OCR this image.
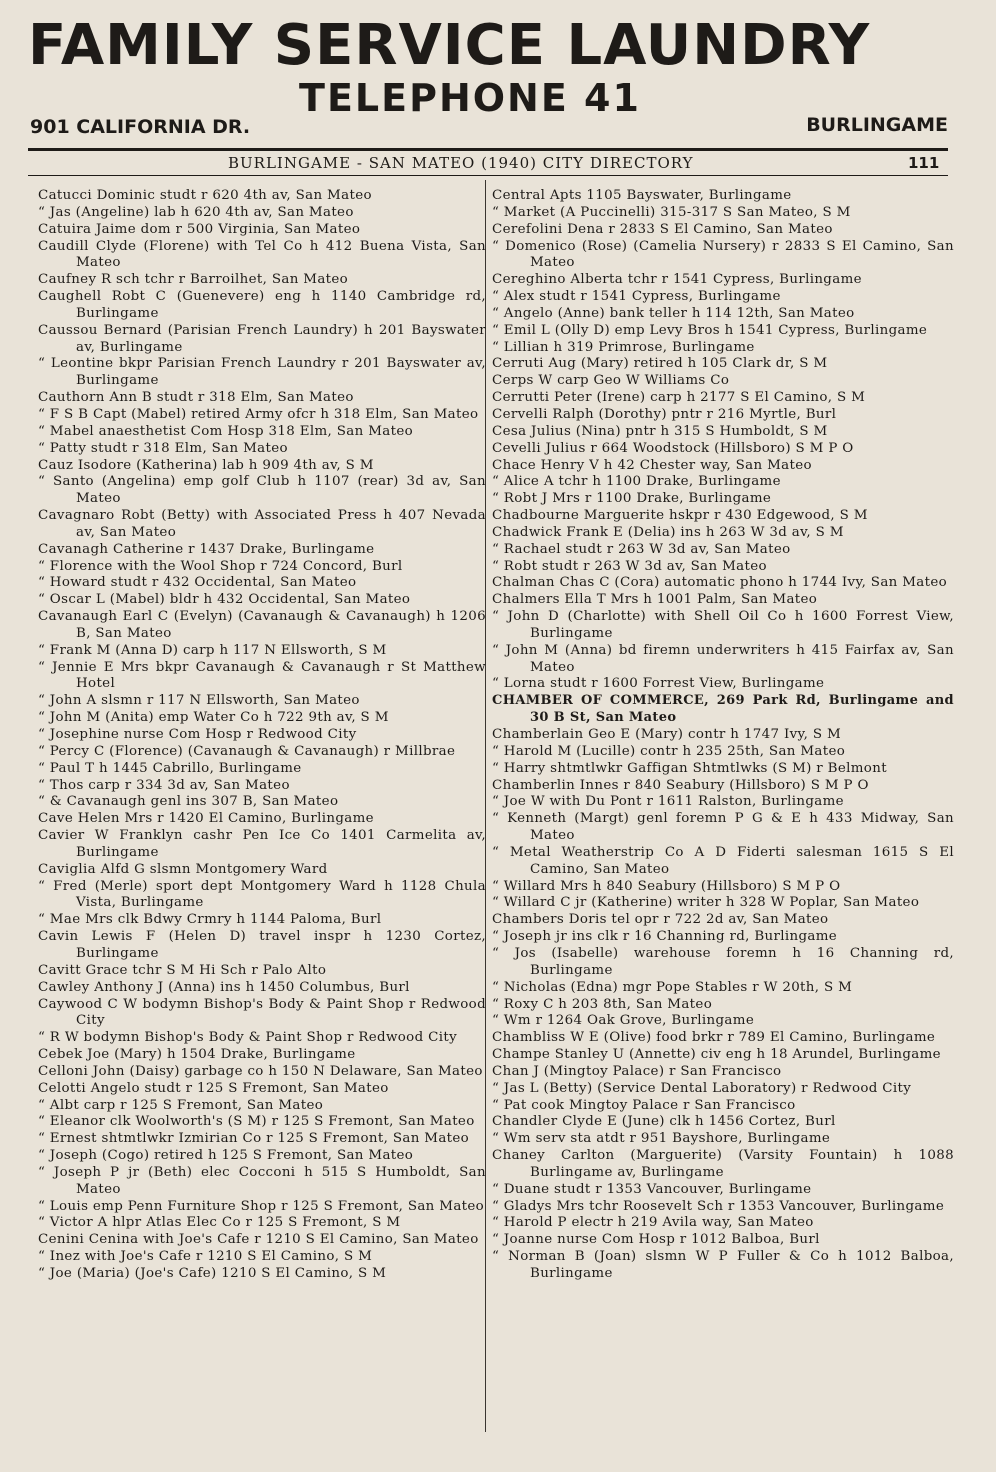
FAMILY SERVICE LAUNDRY
TELEPHONE 41
901 CALIFORNIA DR.	BURLINGAME
BURLINGAME - SAN MATEO (1940) CITY DIRECTORY	111
Catucci Dominic studt r 620 4th av, San Mateo
“ Jas (Angeline) lab h 620 4th av, San Mateo
Catuira Jaime dom r 500 Virginia, San Mateo
Caudill Clyde (Florene) with Tel Co h 412 Buena Vista, San Mateo
Caufney R sch tchr r Barroilhet, San Mateo
Caughell Robt C (Guenevere) eng h 1140 Cambridge rd, Burlingame
Caussou Bernard (Parisian French Laundry) h 201 Bayswater av, Burlingame
“ Leontine bkpr Parisian French Laundry r 201 Bayswater av, Burlingame
Cauthorn Ann B studt r 318 Elm, San Mateo
“ F S B Capt (Mabel) retired Army ofcr h 318 Elm, San Mateo
“ Mabel anaesthetist Com Hosp 318 Elm, San Mateo
“ Patty studt r 318 Elm, San Mateo
Cauz Isodore (Katherina) lab h 909 4th av, S M
“ Santo (Angelina) emp golf Club h 1107 (rear) 3d av, San Mateo
Cavagnaro Robt (Betty) with Associated Press h 407 Nevada av, San Mateo
Cavanagh Catherine r 1437 Drake, Burlingame
“ Florence with the Wool Shop r 724 Concord, Burl
“ Howard studt r 432 Occidental, San Mateo
“ Oscar L (Mabel) bldr h 432 Occidental, San Mateo
Cavanaugh Earl C (Evelyn) (Cavanaugh & Cavanaugh) h 1206 B, San Mateo
“ Frank M (Anna D) carp h 117 N Ellsworth, S M
“ Jennie E Mrs bkpr Cavanaugh & Cavanaugh r St Matthew Hotel
“ John A slsmn r 117 N Ellsworth, San Mateo
“ John M (Anita) emp Water Co h 722 9th av, S M
“ Josephine nurse Com Hosp r Redwood City
“ Percy C (Florence) (Cavanaugh & Cavanaugh) r Millbrae
“ Paul T h 1445 Cabrillo, Burlingame
“ Thos carp r 334 3d av, San Mateo
“ & Cavanaugh genl ins 307 B, San Mateo
Cave Helen Mrs r 1420 El Camino, Burlingame
Cavier W Franklyn cashr Pen Ice Co 1401 Carmelita av, Burlingame
Caviglia Alfd G slsmn Montgomery Ward
“ Fred (Merle) sport dept Montgomery Ward h 1128 Chula Vista, Burlingame
“ Mae Mrs clk Bdwy Crmry h 1144 Paloma, Burl
Cavin Lewis F (Helen D) travel inspr h 1230 Cortez, Burlingame
Cavitt Grace tchr S M Hi Sch r Palo Alto
Cawley Anthony J (Anna) ins h 1450 Columbus, Burl
Caywood C W bodymn Bishop's Body & Paint Shop r Redwood City
“ R W bodymn Bishop's Body & Paint Shop r Redwood City
Cebek Joe (Mary) h 1504 Drake, Burlingame
Celloni John (Daisy) garbage co h 150 N Delaware, San Mateo
Celotti Angelo studt r 125 S Fremont, San Mateo
“ Albt carp r 125 S Fremont, San Mateo
“ Eleanor clk Woolworth's (S M) r 125 S Fremont, San Mateo
“ Ernest shtmtlwkr Izmirian Co r 125 S Fremont, San Mateo
“ Joseph (Cogo) retired h 125 S Fremont, San Mateo
“ Joseph P jr (Beth) elec Cocconi h 515 S Humboldt, San Mateo
“ Louis emp Penn Furniture Shop r 125 S Fremont, San Mateo
“ Victor A hlpr Atlas Elec Co r 125 S Fremont, S M
Cenini Cenina with Joe's Cafe r 1210 S El Camino, San Mateo
“ Inez with Joe's Cafe r 1210 S El Camino, S M
“ Joe (Maria) (Joe's Cafe) 1210 S El Camino, S M
Central Apts 1105 Bayswater, Burlingame
“ Market (A Puccinelli) 315-317 S San Mateo, S M
Cerefolini Dena r 2833 S El Camino, San Mateo
“ Domenico (Rose) (Camelia Nursery) r 2833 S El Camino, San Mateo
Cereghino Alberta tchr r 1541 Cypress, Burlingame
“ Alex studt r 1541 Cypress, Burlingame
“ Angelo (Anne) bank teller h 114 12th, San Mateo
“ Emil L (Olly D) emp Levy Bros h 1541 Cypress, Burlingame
“ Lillian h 319 Primrose, Burlingame
Cerruti Aug (Mary) retired h 105 Clark dr, S M
Cerps W carp Geo W Williams Co
Cerrutti Peter (Irene) carp h 2177 S El Camino, S M
Cervelli Ralph (Dorothy) pntr r 216 Myrtle, Burl
Cesa Julius (Nina) pntr h 315 S Humboldt, S M
Cevelli Julius r 664 Woodstock (Hillsboro) S M P O
Chace Henry V h 42 Chester way, San Mateo
“ Alice A tchr h 1100 Drake, Burlingame
“ Robt J Mrs r 1100 Drake, Burlingame
Chadbourne Marguerite hskpr r 430 Edgewood, S M
Chadwick Frank E (Delia) ins h 263 W 3d av, S M
“ Rachael studt r 263 W 3d av, San Mateo
“ Robt studt r 263 W 3d av, San Mateo
Chalman Chas C (Cora) automatic phono h 1744 Ivy, San Mateo
Chalmers Ella T Mrs h 1001 Palm, San Mateo
“ John D (Charlotte) with Shell Oil Co h 1600 Forrest View, Burlingame
“ John M (Anna) bd firemn underwriters h 415 Fairfax av, San Mateo
“ Lorna studt r 1600 Forrest View, Burlingame
CHAMBER OF COMMERCE, 269 Park Rd, Burlingame and 30 B St, San Mateo
Chamberlain Geo E (Mary) contr h 1747 Ivy, S M
“ Harold M (Lucille) contr h 235 25th, San Mateo
“ Harry shtmtlwkr Gaffigan Shtmtlwks (S M) r Belmont
Chamberlin Innes r 840 Seabury (Hillsboro) S M P O
“ Joe W with Du Pont r 1611 Ralston, Burlingame
“ Kenneth (Margt) genl foremn P G & E h 433 Midway, San Mateo
“ Metal Weatherstrip Co A D Fiderti salesman 1615 S El Camino, San Mateo
“ Willard Mrs h 840 Seabury (Hillsboro) S M P O
“ Willard C jr (Katherine) writer h 328 W Poplar, San Mateo
Chambers Doris tel opr r 722 2d av, San Mateo
“ Joseph jr ins clk r 16 Channing rd, Burlingame
“ Jos (Isabelle) warehouse foremn h 16 Channing rd, Burlingame
“ Nicholas (Edna) mgr Pope Stables r W 20th, S M
“ Roxy C h 203 8th, San Mateo
“ Wm r 1264 Oak Grove, Burlingame
Chambliss W E (Olive) food brkr r 789 El Camino, Burlingame
Champe Stanley U (Annette) civ eng h 18 Arundel, Burlingame
Chan J (Mingtoy Palace) r San Francisco
“ Jas L (Betty) (Service Dental Laboratory) r Redwood City
“ Pat cook Mingtoy Palace r San Francisco
Chandler Clyde E (June) clk h 1456 Cortez, Burl
“ Wm serv sta atdt r 951 Bayshore, Burlingame
Chaney Carlton (Marguerite) (Varsity Fountain) h 1088 Burlingame av, Burlingame
“ Duane studt r 1353 Vancouver, Burlingame
“ Gladys Mrs tchr Roosevelt Sch r 1353 Vancouver, Burlingame
“ Harold P electr h 219 Avila way, San Mateo
“ Joanne nurse Com Hosp r 1012 Balboa, Burl
“ Norman B (Joan) slsmn W P Fuller & Co h 1012 Balboa, Burlingame
